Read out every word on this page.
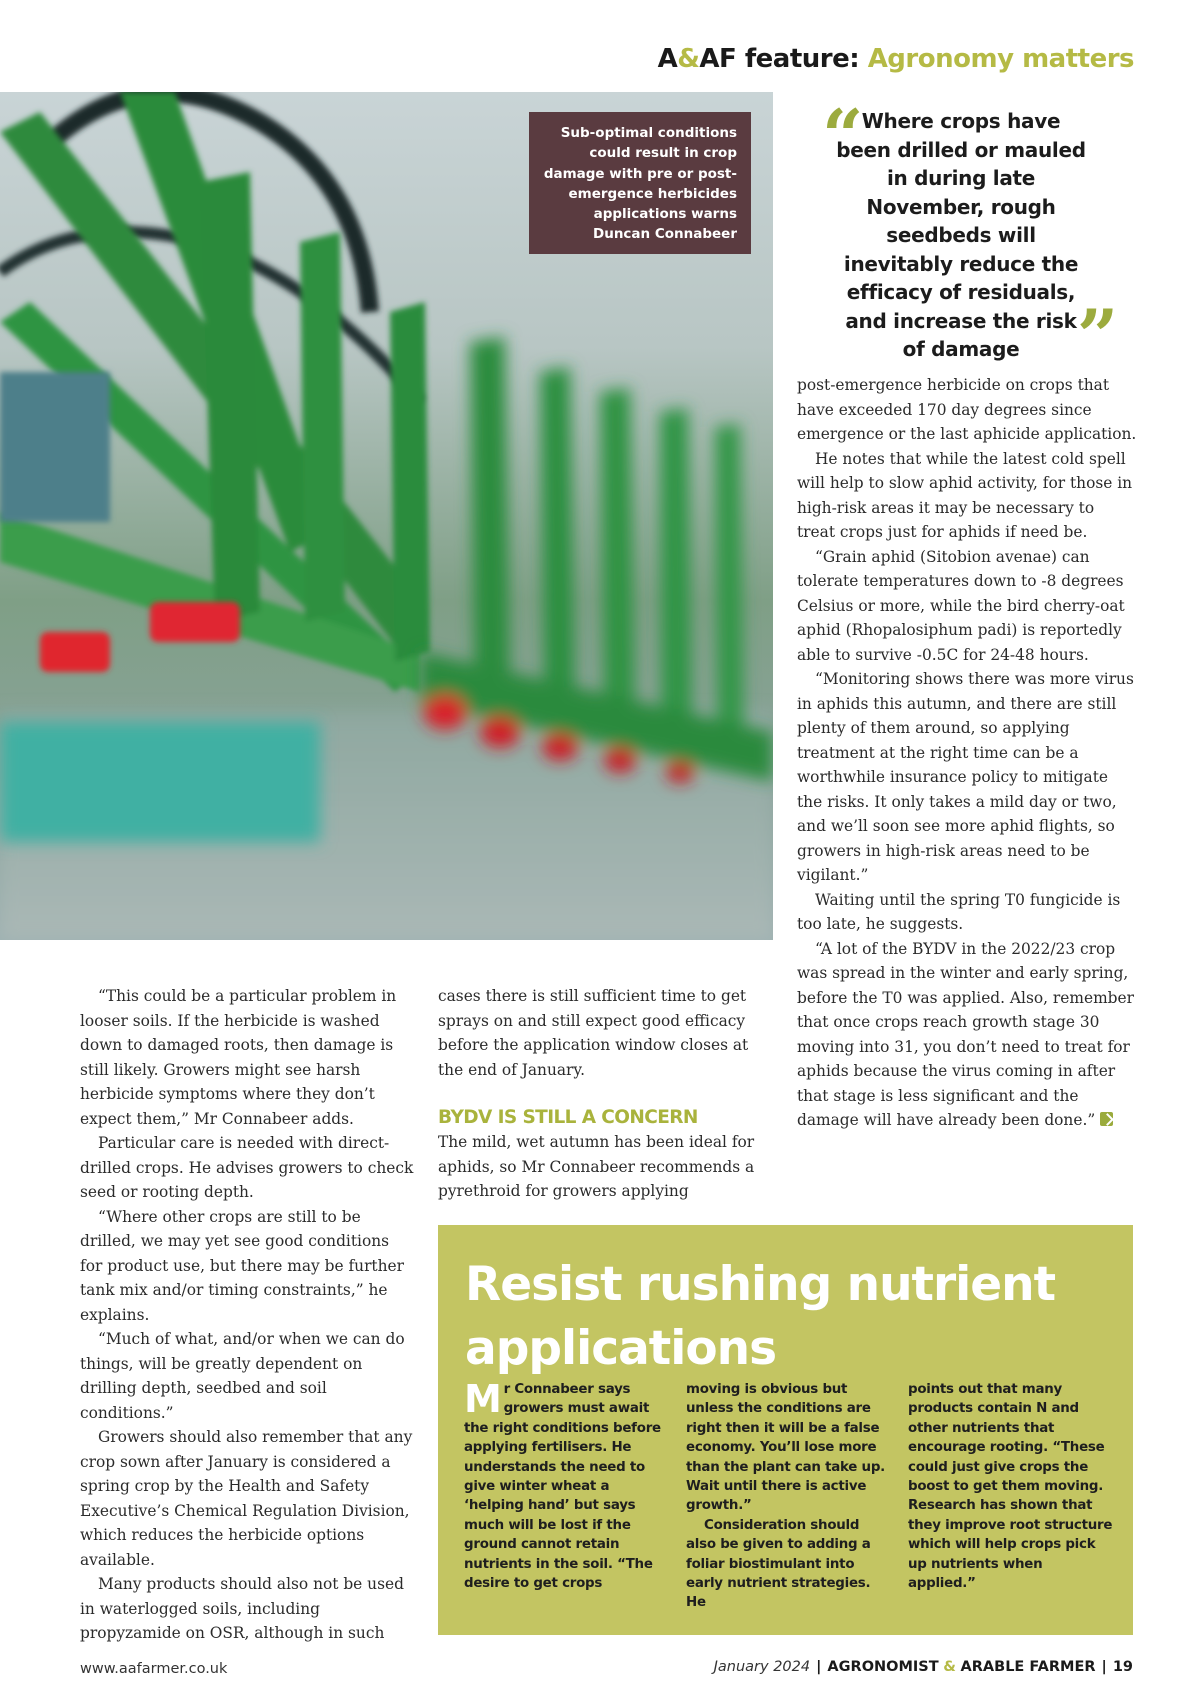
A&AF feature: Agronomy matters
Sub-optimal conditions could result in crop damage with pre or post-emergence herbicides applications warns Duncan Connabeer
“

Where crops have been drilled or mauled in during late November, rough seedbeds will inevitably reduce the efficacy of residuals, and increase the risk of damage ”

post-emergence herbicide on crops that have exceeded 170 day degrees since emergence or the last aphicide application.

He notes that while the latest cold spell will help to slow aphid activity, for those in high-risk areas it may be necessary to treat crops just for aphids if need be.

“Grain aphid (Sitobion avenae) can tolerate temperatures down to -8 degrees Celsius or more, while the bird cherry-oat aphid (Rhopalosiphum padi) is reportedly able to survive -0.5C for 24-48 hours.

“Monitoring shows there was more virus in aphids this autumn, and there are still plenty of them around, so applying treatment at the right time can be a worthwhile insurance policy to mitigate the risks. It only takes a mild day or two, and we’ll soon see more aphid flights, so growers in high-risk areas need to be vigilant.”

Waiting until the spring T0 fungicide is too late, he suggests.

“A lot of the BYDV in the 2022/23 crop was spread in the winter and early spring, before the T0 was applied. Also, remember that once crops reach growth stage 30 moving into 31, you don’t need to treat for aphids because the virus coming in after that stage is less significant and the damage will have already been done.”

“This could be a particular problem in looser soils. If the herbicide is washed down to damaged roots, then damage is still likely. Growers might see harsh herbicide symptoms where they don’t expect them,” Mr Connabeer adds.

Particular care is needed with direct-drilled crops. He advises growers to check seed or rooting depth.

“Where other crops are still to be drilled, we may yet see good conditions for product use, but there may be further tank mix and/or timing constraints,” he explains.

“Much of what, and/or when we can do things, will be greatly dependent on drilling depth, seedbed and soil conditions.”

Growers should also remember that any crop sown after January is considered a spring crop by the Health and Safety Executive’s Chemical Regulation Division, which reduces the herbicide options available.

Many products should also not be used in waterlogged soils, including propyzamide on OSR, although in such

cases there is still sufficient time to get sprays on and still expect good efficacy before the application window closes at the end of January.

BYDV IS STILL A CONCERN

The mild, wet autumn has been ideal for aphids, so Mr Connabeer recommends a pyrethroid for growers applying

Resist rushing nutrient applications
M r Connabeer says growers must await the right conditions before applying fertilisers. He understands the need to give winter wheat a ‘helping hand’ but says much will be lost if the ground cannot retain nutrients in the soil. “The desire to get crops

moving is obvious but unless the conditions are right then it will be a false economy. You’ll lose more than the plant can take up. Wait until there is active growth.”

Consideration should also be given to adding a foliar biostimulant into early nutrient strategies. He

points out that many products contain N and other nutrients that encourage rooting. “These could just give crops the boost to get them moving. Research has shown that they improve root structure which will help crops pick up nutrients when applied.”

www.aafarmer.co.uk	January 2024 | AGRONOMIST & ARABLE FARMER | 19
